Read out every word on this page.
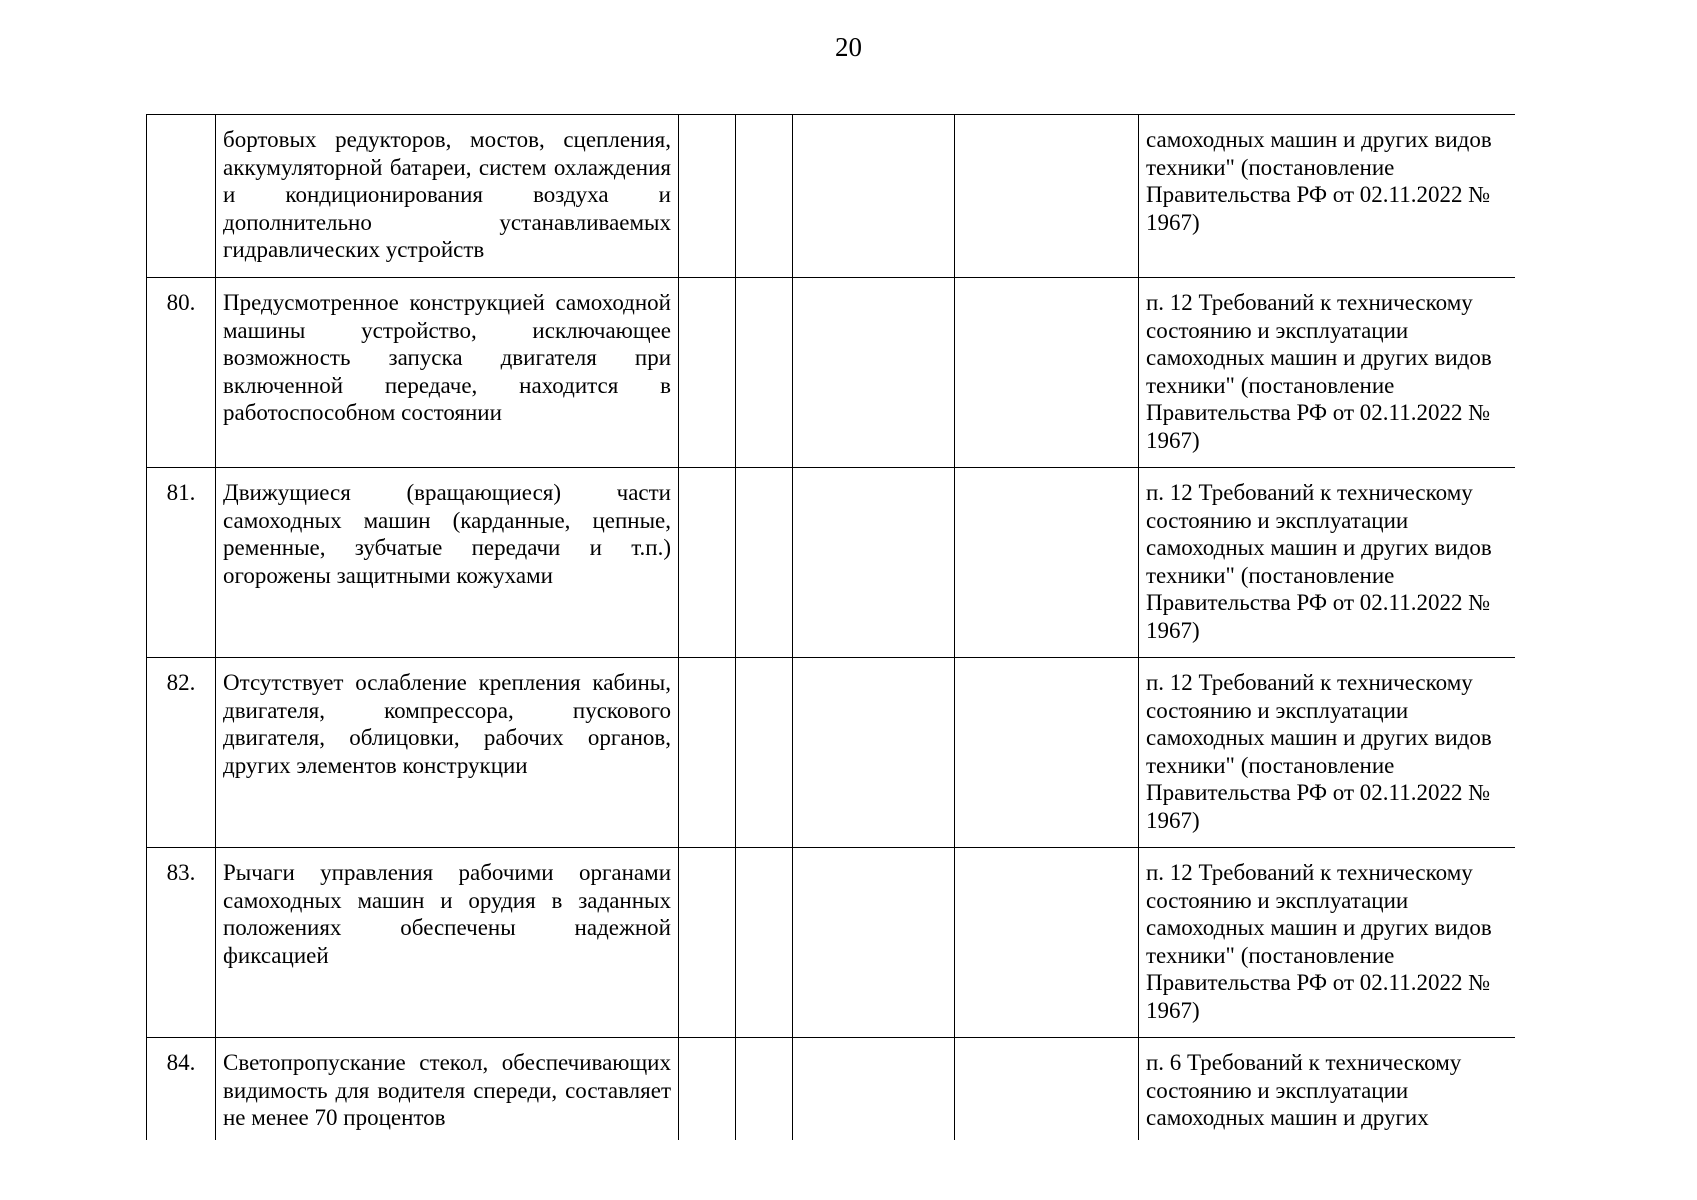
20
	бортовых редукторов, мостов, сцепления, аккумуляторной батареи, систем охлаждения и кондиционирования воздуха и дополнительно устанавливаемых гидравлических устройств					самоходных машин и других видов техники" (постановление Правительства РФ от 02.11.2022 № 1967)
80.	Предусмотренное конструкцией самоходной машины устройство, исключающее возможность запуска двигателя при включенной передаче, находится в работоспособном состоянии					п. 12 Требований к техническому состоянию и эксплуатации самоходных машин и других видов техники" (постановление Правительства РФ от 02.11.2022 № 1967)
81.	Движущиеся (вращающиеся) части самоходных машин (карданные, цепные, ременные, зубчатые передачи и т.п.) огорожены защитными кожухами					п. 12 Требований к техническому состоянию и эксплуатации самоходных машин и других видов техники" (постановление Правительства РФ от 02.11.2022 № 1967)
82.	Отсутствует ослабление крепления кабины, двигателя, компрессора, пускового двигателя, облицовки, рабочих органов, других элементов конструкции					п. 12 Требований к техническому состоянию и эксплуатации самоходных машин и других видов техники" (постановление Правительства РФ от 02.11.2022 № 1967)
83.	Рычаги управления рабочими органами самоходных машин и орудия в заданных положениях обеспечены надежной фиксацией					п. 12 Требований к техническому состоянию и эксплуатации самоходных машин и других видов техники" (постановление Правительства РФ от 02.11.2022 № 1967)
84.	Светопропускание стекол, обеспечивающих видимость для водителя спереди, составляет не менее 70 процентов					п. 6 Требований к техническому состоянию и эксплуатации самоходных машин и других
